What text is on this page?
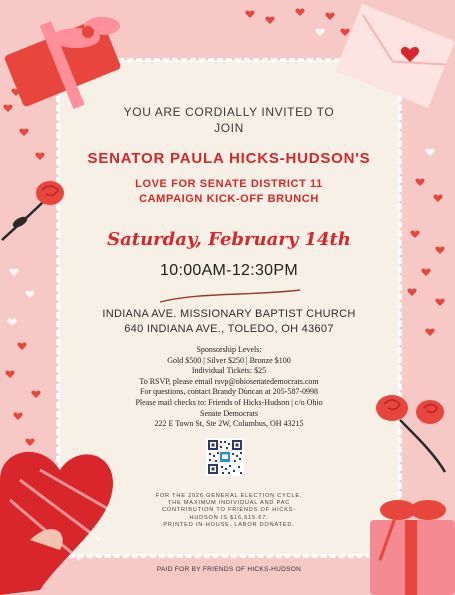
YOU ARE CORDIALLY INVITED TO
JOIN
SENATOR PAULA HICKS-HUDSON'S
LOVE FOR SENATE DISTRICT 11
CAMPAIGN KICK-OFF BRUNCH
Saturday, February 14th
10:00AM-12:30PM
INDIANA AVE. MISSIONARY BAPTIST CHURCH
640 INDIANA AVE., TOLEDO, OH 43607
Sponsorship Levels:
Gold $500 | Silver $250 | Bronze $100
Individual Tickets: $25
To RSVP, please email rsvp@ohiosenatedemocrats.com
For questions, contact Brandy Duncan at 205-587-0998
Please mail checks to: Friends of Hicks-Hudson | c/o Ohio
Senate Democrats
222 E Town St, Ste 2W, Columbus, OH 43215
FOR THE 2026 GENERAL ELECTION CYCLE,
THE MAXIMUM INDIVIDUAL AND PAC
CONTRIBUTION TO FRIENDS OF HICKS-
HUDSON IS $16,615.67.
PRINTED IN-HOUSE. LABOR DONATED.
PAID FOR BY FRIENDS OF HICKS-HUDSON
